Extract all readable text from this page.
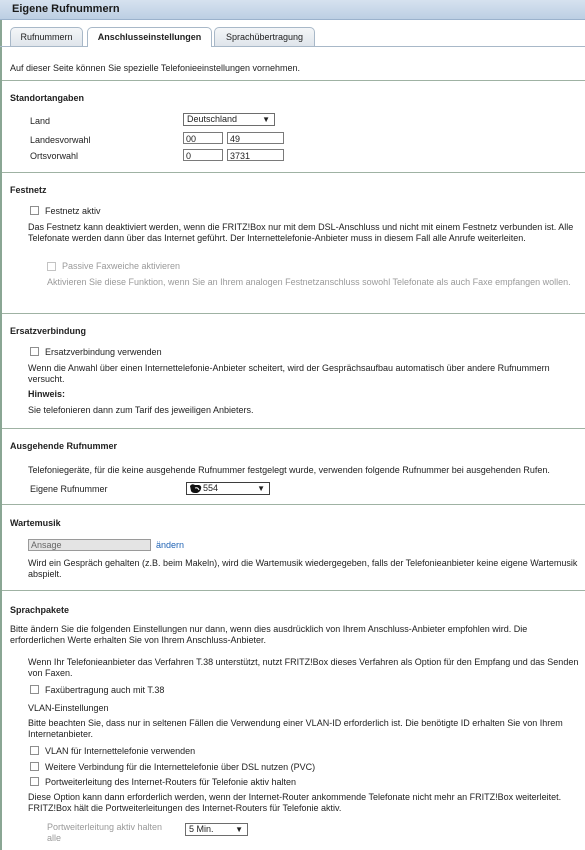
Eigene Rufnummern
Rufnummern	Anschlusseinstellungen	Sprachübertragung
Auf dieser Seite können Sie spezielle Telefonieeinstellungen vornehmen.
Standortangaben
Land	Deutschland	▼
Landesvorwahl	00	49
Ortsvorwahl	0	3731
Festnetz
Festnetz aktiv
Das Festnetz kann deaktiviert werden, wenn die FRITZ!Box nur mit dem DSL-Anschluss und nicht mit einem Festnetz verbunden ist. Alle Telefonate werden dann über das Internet geführt. Der Internettelefonie-Anbieter muss in diesem Fall alle Anrufe weiterleiten.
Passive Faxweiche aktivieren
Aktivieren Sie diese Funktion, wenn Sie an Ihrem analogen Festnetzanschluss sowohl Telefonate als auch Faxe empfangen wollen.
Ersatzverbindung
Ersatzverbindung verwenden
Wenn die Anwahl über einen Internettelefonie-Anbieter scheitert, wird der Gesprächsaufbau automatisch über andere Rufnummern versucht.
Hinweis:
Sie telefonieren dann zum Tarif des jeweiligen Anbieters.
Ausgehende Rufnummer
Telefoniegeräte, für die keine ausgehende Rufnummer festgelegt wurde, verwenden folgende Rufnummer bei ausgehenden Rufen.
Eigene Rufnummer	554	▼
Wartemusik
Ansage	ändern
Wird ein Gespräch gehalten (z.B. beim Makeln), wird die Wartemusik wiedergegeben, falls der Telefonieanbieter keine eigene Wartemusik abspielt.
Sprachpakete
Bitte ändern Sie die folgenden Einstellungen nur dann, wenn dies ausdrücklich von Ihrem Anschluss-Anbieter empfohlen wird. Die erforderlichen Werte erhalten Sie von Ihrem Anschluss-Anbieter.
Wenn Ihr Telefonieanbieter das Verfahren T.38 unterstützt, nutzt FRITZ!Box dieses Verfahren als Option für den Empfang und das Senden von Faxen.
Faxübertragung auch mit T.38
VLAN-Einstellungen
Bitte beachten Sie, dass nur in seltenen Fällen die Verwendung einer VLAN-ID erforderlich ist. Die benötigte ID erhalten Sie von Ihrem Internetanbieter.
VLAN für Internettelefonie verwenden
Weitere Verbindung für die Internettelefonie über DSL nutzen (PVC)
Portweiterleitung des Internet-Routers für Telefonie aktiv halten
Diese Option kann dann erforderlich werden, wenn der Internet-Router ankommende Telefonate nicht mehr an FRITZ!Box weiterleitet. FRITZ!Box hält die Portweiterleitungen des Internet-Routers für Telefonie aktiv.
Portweiterleitung aktiv halten alle
5 Min.	▼
